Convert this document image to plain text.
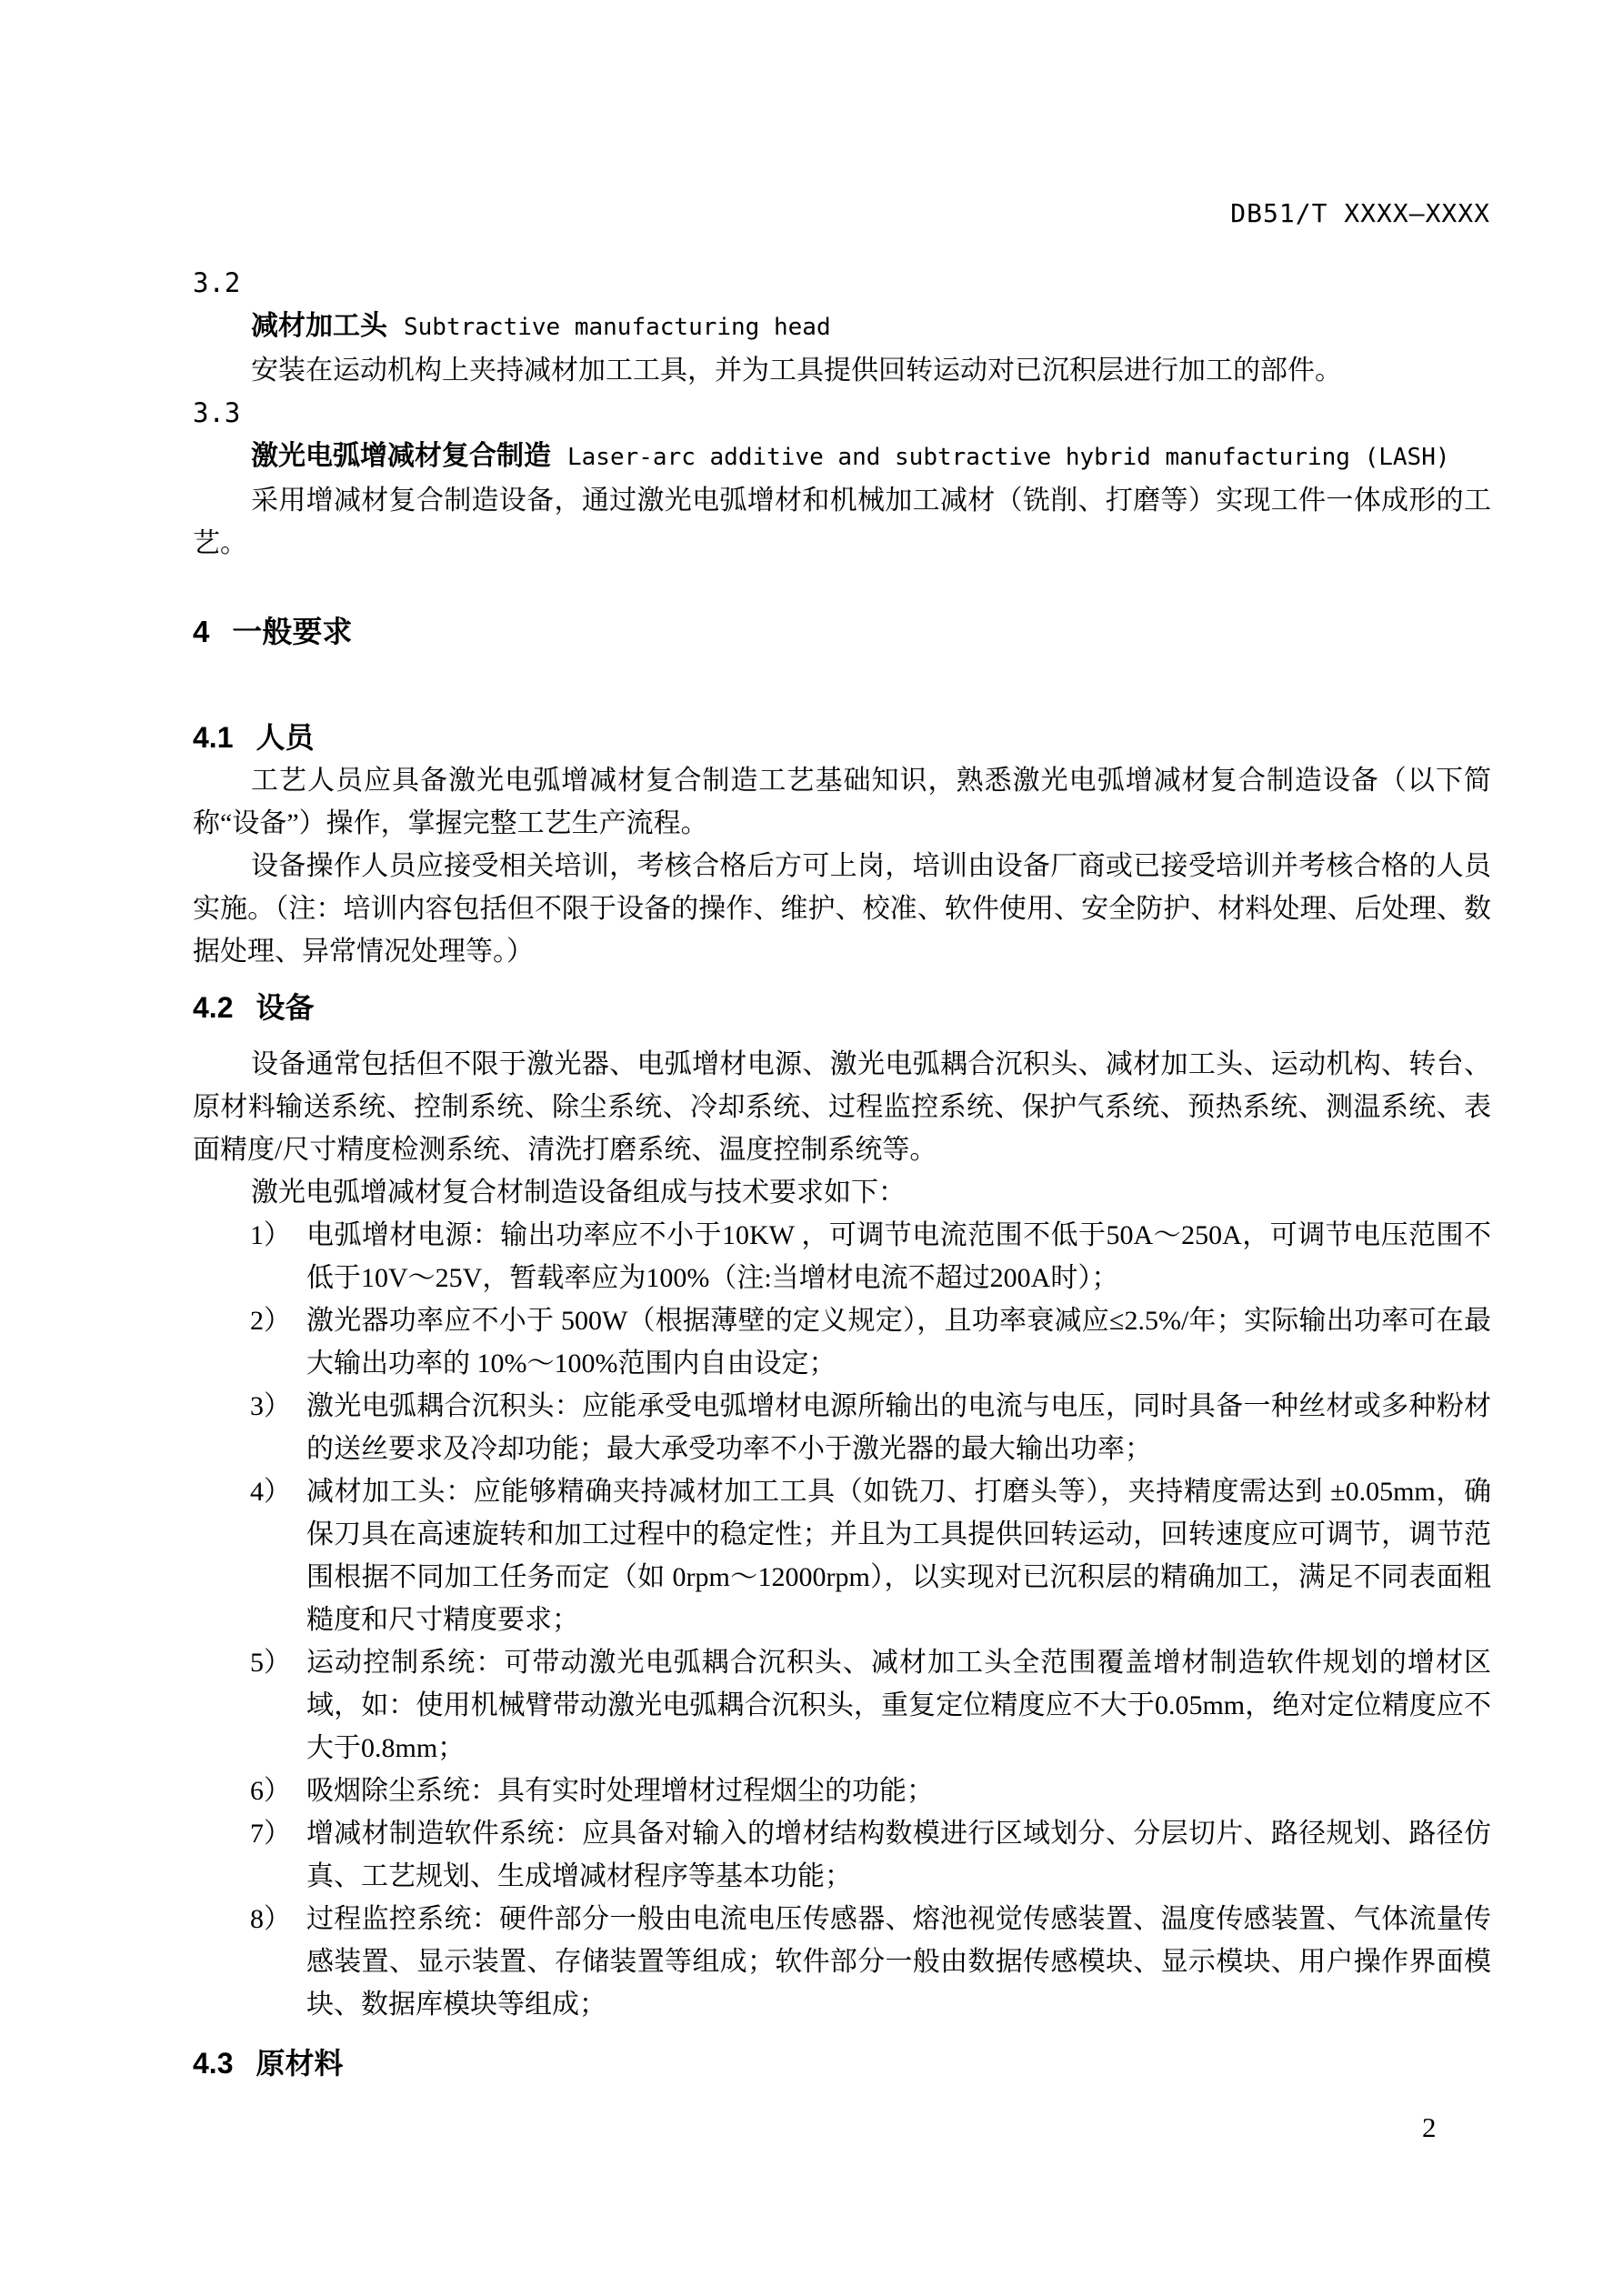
DB51/T XXXX—XXXX
3.2
减材加工头 Subtractive manufacturing head

安装在运动机构上夹持减材加工工具，并为工具提供回转运动对已沉积层进行加工的部件。

3.3
激光电弧增减材复合制造 Laser-arc additive and subtractive hybrid manufacturing (LASH)

采用增减材复合制造设备，通过激光电弧增材和机械加工减材（铣削、打磨等）实现工件一体成形的工艺。

4 一般要求
4.1 人员

工艺人员应具备激光电弧增减材复合制造工艺基础知识，熟悉激光电弧增减材复合制造设备（以下简称“设备”）操作，掌握完整工艺生产流程。

设备操作人员应接受相关培训，考核合格后方可上岗，培训由设备厂商或已接受培训并考核合格的人员实施。（注：培训内容包括但不限于设备的操作、维护、校准、软件使用、安全防护、材料处理、后处理、数据处理、异常情况处理等。）

4.2 设备

设备通常包括但不限于激光器、电弧增材电源、激光电弧耦合沉积头、减材加工头、运动机构、转台、原材料输送系统、控制系统、除尘系统、冷却系统、过程监控系统、保护气系统、预热系统、测温系统、表面精度/尺寸精度检测系统、清洗打磨系统、温度控制系统等。

激光电弧增减材复合材制造设备组成与技术要求如下：

1） 电弧增材电源：输出功率应不小于10KW ，可调节电流范围不低于50A～250A，可调节电压范围不低于10V～25V，暂载率应为100%（注:当增材电流不超过200A时）；
2） 激光器功率应不小于 500W（根据薄壁的定义规定），且功率衰减应≤2.5%/年；实际输出功率可在最大输出功率的 10%～100%范围内自由设定；
3） 激光电弧耦合沉积头：应能承受电弧增材电源所输出的电流与电压，同时具备一种丝材或多种粉材的送丝要求及冷却功能；最大承受功率不小于激光器的最大输出功率；
4） 减材加工头：应能够精确夹持减材加工工具（如铣刀、打磨头等），夹持精度需达到 ±0.05mm，确保刀具在高速旋转和加工过程中的稳定性；并且为工具提供回转运动，回转速度应可调节，调节范围根据不同加工任务而定（如 0rpm～12000rpm），以实现对已沉积层的精确加工，满足不同表面粗糙度和尺寸精度要求；
5） 运动控制系统：可带动激光电弧耦合沉积头、减材加工头全范围覆盖增材制造软件规划的增材区域，如：使用机械臂带动激光电弧耦合沉积头，重复定位精度应不大于0.05mm，绝对定位精度应不大于0.8mm；
6） 吸烟除尘系统：具有实时处理增材过程烟尘的功能；
7） 增减材制造软件系统：应具备对输入的增材结构数模进行区域划分、分层切片、路径规划、路径仿真、工艺规划、生成增减材程序等基本功能；
8） 过程监控系统：硬件部分一般由电流电压传感器、熔池视觉传感装置、温度传感装置、气体流量传感装置、显示装置、存储装置等组成；软件部分一般由数据传感模块、显示模块、用户操作界面模块、数据库模块等组成；
4.3 原材料
2
